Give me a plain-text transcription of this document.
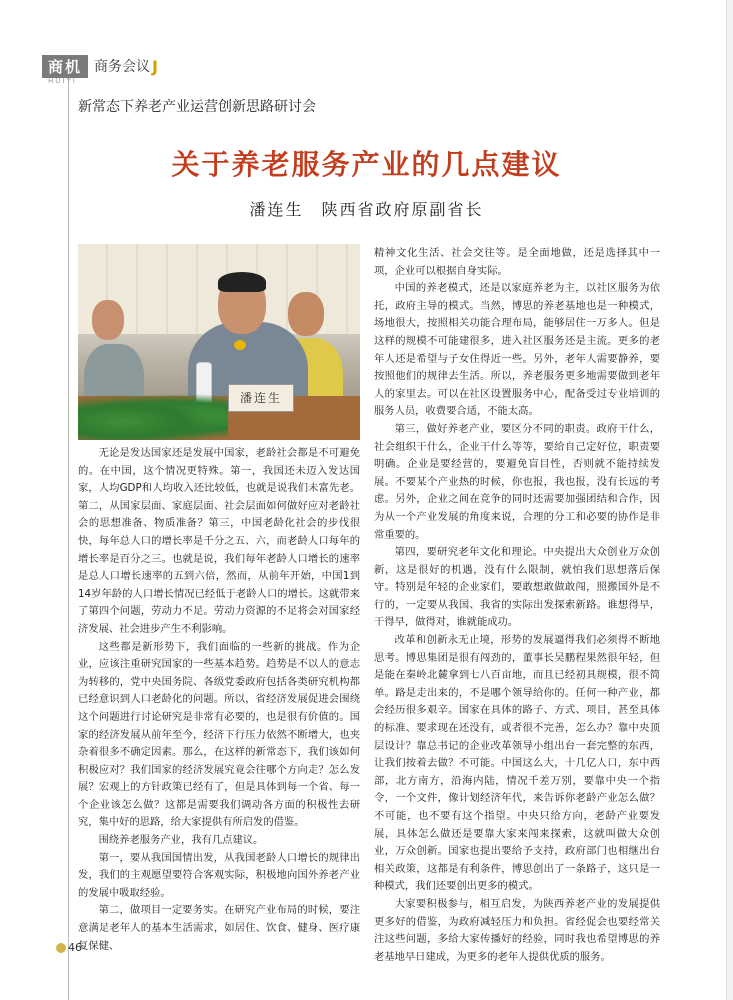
商机 商务会议 J
HUIYI
新常态下养老产业运营创新思路研讨会
关于养老服务产业的几点建议
潘连生　陕西省政府原副省长
潘连生

无论是发达国家还是发展中国家，老龄社会都是不可避免的。在中国，这个情况更特殊。第一，我国还未迈入发达国家，人均GDP和人均收入还比较低，也就是说我们未富先老。第二，从国家层面、家庭层面、社会层面如何做好应对老龄社会的思想准备、物质准备？第三，中国老龄化社会的步伐很快，每年总人口的增长率是千分之五、六，而老龄人口每年的增长率是百分之三。也就是说，我们每年老龄人口增长的速率是总人口增长速率的五到六倍，然而，从前年开始，中国1到14岁年龄的人口增长情况已经低于老龄人口的增长。这就带来了第四个问题，劳动力不足。劳动力资源的不足将会对国家经济发展、社会进步产生不利影响。

这些都是新形势下，我们面临的一些新的挑战。作为企业，应该注重研究国家的一些基本趋势。趋势是不以人的意志为转移的，党中央国务院、各级党委政府包括各类研究机构都已经意识到人口老龄化的问题。所以，省经济发展促进会围绕这个问题进行讨论研究是非常有必要的，也是很有价值的。国家的经济发展从前年至今，经济下行压力依然不断增大，也夹杂着很多不确定因素。那么，在这样的新常态下，我们该如何积极应对？我们国家的经济发展究竟会往哪个方向走？怎么发展？宏观上的方针政策已经有了，但是具体到每一个省、每一个企业该怎么做？这都是需要我们调动各方面的积极性去研究，集中好的思路，给大家提供有所启发的借鉴。

围绕养老服务产业，我有几点建议。

第一，要从我国国情出发，从我国老龄人口增长的规律出发，我们的主观愿望要符合客观实际，积极地向国外养老产业的发展中吸取经验。

第二，做项目一定要务实。在研究产业布局的时候，要注意满足老年人的基本生活需求，如居住、饮食、健身、医疗康复保健、

精神文化生活、社会交往等。是全面地做，还是选择其中一项，企业可以根据自身实际。

中国的养老模式，还是以家庭养老为主，以社区服务为依托，政府主导的模式。当然，博思的养老基地也是一种模式，场地很大，按照相关功能合理布局，能够居住一万多人。但是这样的规模不可能建很多，进入社区服务还是主流。更多的老年人还是希望与子女住得近一些。另外，老年人需要静养，要按照他们的规律去生活。所以，养老服务更多地需要做到老年人的家里去。可以在社区设置服务中心，配备受过专业培训的服务人员，收费要合适，不能太高。

第三，做好养老产业，要区分不同的职责。政府干什么，社会组织干什么，企业干什么等等，要给自己定好位，职责要明确。企业是要经营的，要避免盲目性，否则就不能持续发展。不要某个产业热的时候，你也报，我也报，没有长远的考虑。另外，企业之间在竞争的同时还需要加强团结和合作，因为从一个产业发展的角度来说，合理的分工和必要的协作是非常重要的。

第四，要研究老年文化和理论。中央提出大众创业万众创新，这是很好的机遇，没有什么限制，就怕我们思想落后保守。特别是年轻的企业家们，要敢想敢做敢闯，照搬国外是不行的，一定要从我国、我省的实际出发探索新路。谁想得早，干得早，做得对，谁就能成功。

改革和创新永无止境，形势的发展逼得我们必须得不断地思考。博思集团是很有闯劲的，董事长吴鹏程果然很年轻，但是能在秦岭北麓拿到七八百亩地，而且已经初具规模，很不简单。路是走出来的，不是哪个领导给你的。任何一种产业，都会经历很多艰辛。国家在具体的路子、方式、项目，甚至具体的标准、要求现在还没有，或者很不完善，怎么办？靠中央顶层设计？靠总书记的企业改革领导小组出台一套完整的东西，让我们按着去做？不可能。中国这么大，十几亿人口，东中西部，北方南方，沿海内陆，情况千差万别，要靠中央一个指令，一个文件，像计划经济年代，来告诉你老龄产业怎么做？不可能，也不要有这个指望。中央只给方向，老龄产业要发展，具体怎么做还是要靠大家来闯来探索，这就叫做大众创业，万众创新。国家也提出要给予支持，政府部门也相继出台相关政策，这都是有利条件，博思创出了一条路子，这只是一种模式，我们还要创出更多的模式。

大家要积极参与，相互启发，为陕西养老产业的发展提供更多好的借鉴，为政府减轻压力和负担。省经促会也要经常关注这些问题，多给大家传播好的经验，同时我也希望博思的养老基地早日建成，为更多的老年人提供优质的服务。

46
